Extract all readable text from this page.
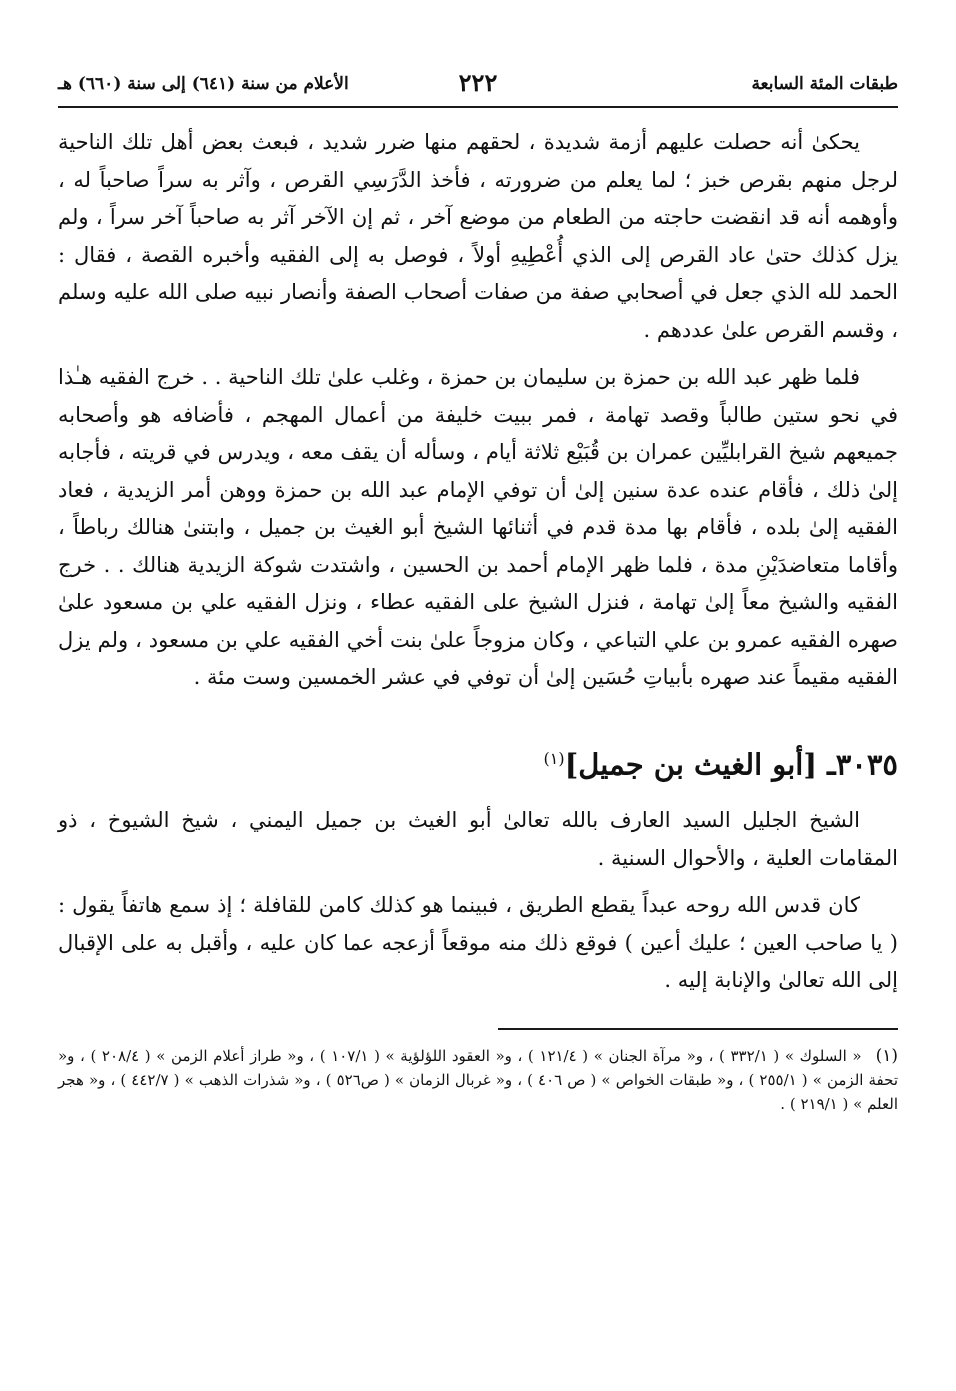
طبقات المئة السابعة
٢٢٢
الأعلام من سنة (٦٤١) إلى سنة (٦٦٠) هـ

يحكىٰ أنه حصلت عليهم أزمة شديدة ، لحقهم منها ضرر شديد ، فبعث بعض أهل تلك الناحية لرجل منهم بقرص خبز ؛ لما يعلم من ضرورته ، فأخذ الدَّرَسِي القرص ، وآثر به سراً صاحباً له ، وأوهمه أنه قد انقضت حاجته من الطعام من موضع آخر ، ثم إن الآخر آثر به صاحباً آخر سراً ، ولم يزل كذلك حتىٰ عاد القرص إلى الذي أُعْطِيهِ أولاً ، فوصل به إلى الفقيه وأخبره القصة ، فقال : الحمد لله الذي جعل في أصحابي صفة من صفات أصحاب الصفة وأنصار نبيه صلى الله عليه وسلم ، وقسم القرص علىٰ عددهم .

فلما ظهر عبد الله بن حمزة بن سليمان بن حمزة ، وغلب علىٰ تلك الناحية . . خرج الفقيه هـٰذا في نحو ستين طالباً وقصد تهامة ، فمر ببيت خليفة من أعمال المهجم ، فأضافه هو وأصحابه جميعهم شيخ القرابليِّين عمران بن قُبَيْع ثلاثة أيام ، وسأله أن يقف معه ، ويدرس في قريته ، فأجابه إلىٰ ذلك ، فأقام عنده عدة سنين إلىٰ أن توفي الإمام عبد الله بن حمزة ووهن أمر الزيدية ، فعاد الفقيه إلىٰ بلده ، فأقام بها مدة قدم في أثنائها الشيخ أبو الغيث بن جميل ، وابتنىٰ هنالك رباطاً ، وأقاما متعاضدَيْنِ مدة ، فلما ظهر الإمام أحمد بن الحسين ، واشتدت شوكة الزيدية هنالك . . خرج الفقيه والشيخ معاً إلىٰ تهامة ، فنزل الشيخ على الفقيه عطاء ، ونزل الفقيه علي بن مسعود علىٰ صهره الفقيه عمرو بن علي التباعي ، وكان مزوجاً علىٰ بنت أخي الفقيه علي بن مسعود ، ولم يزل الفقيه مقيماً عند صهره بأبياتِ حُسَين إلىٰ أن توفي في عشر الخمسين وست مئة .

٣٠٣٥ـ [أبو الغيث بن جميل]$^{(١)}$

الشيخ الجليل السيد العارف بالله تعالىٰ أبو الغيث بن جميل اليمني ، شيخ الشيوخ ، ذو المقامات العلية ، والأحوال السنية .

كان قدس الله روحه عبداً يقطع الطريق ، فبينما هو كذلك كامن للقافلة ؛ إذ سمع هاتفاً يقول : ( يا صاحب العين ؛ عليك أعين ) فوقع ذلك منه موقعاً أزعجه عما كان عليه ، وأقبل به على الإقبال إلى الله تعالىٰ والإنابة إليه .

(١)« السلوك » ( ٣٣٢/١ ) ، و« مرآة الجنان » ( ١٢١/٤ ) ، و« العقود اللؤلؤية » ( ١٠٧/١ ) ، و« طراز أعلام الزمن » ( ٢٠٨/٤ ) ، و« تحفة الزمن » ( ٢٥٥/١ ) ، و« طبقات الخواص » ( ص ٤٠٦ ) ، و« غربال الزمان » ( ص٥٢٦ ) ، و« شذرات الذهب » ( ٤٤٢/٧ ) ، و« هجر العلم » ( ٢١٩/١ ) .
